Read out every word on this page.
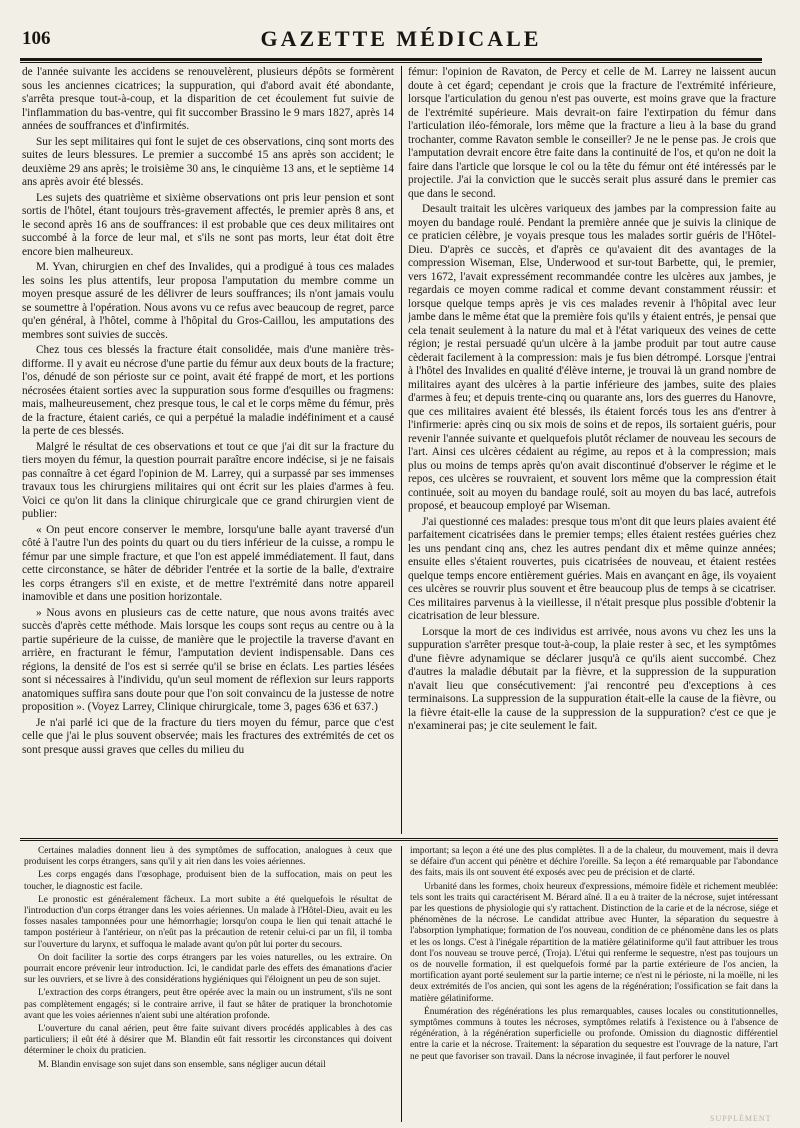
106	GAZETTE MÉDICALE

de l'année suivante les accidens se renouvelèrent, plusieurs dépôts se formèrent sous les anciennes cicatrices; la suppuration, qui d'abord avait été abondante, s'arrêta presque tout-à-coup, et la disparition de cet écoulement fut suivie de l'inflammation du bas-ventre, qui fit succomber Brassino le 9 mars 1827, après 14 années de souffrances et d'infirmités.

Sur les sept militaires qui font le sujet de ces observations, cinq sont morts des suites de leurs blessures. Le premier a succombé 15 ans après son accident; le deuxième 29 ans après; le troisième 30 ans, le cinquième 13 ans, et le septième 14 ans après avoir été blessés.

Les sujets des quatrième et sixième observations ont pris leur pension et sont sortis de l'hôtel, étant toujours très-gravement affectés, le premier après 8 ans, et le second après 16 ans de souffrances: il est probable que ces deux militaires ont succombé à la force de leur mal, et s'ils ne sont pas morts, leur état doit être encore bien malheureux.

M. Yvan, chirurgien en chef des Invalides, qui a prodigué à tous ces malades les soins les plus attentifs, leur proposa l'amputation du membre comme un moyen presque assuré de les délivrer de leurs souffrances; ils n'ont jamais voulu se soumettre à l'opération. Nous avons vu ce refus avec beaucoup de regret, parce qu'en général, à l'hôtel, comme à l'hôpital du Gros-Caillou, les amputations des membres sont suivies de succès.

Chez tous ces blessés la fracture était consolidée, mais d'une manière très-difforme. Il y avait eu nécrose d'une partie du fémur aux deux bouts de la fracture; l'os, dénudé de son périoste sur ce point, avait été frappé de mort, et les portions nécrosées étaient sorties avec la suppuration sous forme d'esquilles ou fragmens: mais, malheureusement, chez presque tous, le cal et le corps même du fémur, près de la fracture, étaient cariés, ce qui a perpétué la maladie indéfiniment et a causé la perte de ces blessés.

Malgré le résultat de ces observations et tout ce que j'ai dit sur la fracture du tiers moyen du fémur, la question pourrait paraître encore indécise, si je ne faisais pas connaître à cet égard l'opinion de M. Larrey, qui a surpassé par ses immenses travaux tous les chirurgiens militaires qui ont écrit sur les plaies d'armes à feu. Voici ce qu'on lit dans la clinique chirurgicale que ce grand chirurgien vient de publier:

« On peut encore conserver le membre, lorsqu'une balle ayant traversé d'un côté à l'autre l'un des points du quart ou du tiers inférieur de la cuisse, a rompu le fémur par une simple fracture, et que l'on est appelé immédiatement. Il faut, dans cette circonstance, se hâter de débrider l'entrée et la sortie de la balle, d'extraire les corps étrangers s'il en existe, et de mettre l'extrémité dans notre appareil inamovible et dans une position horizontale.

» Nous avons en plusieurs cas de cette nature, que nous avons traités avec succès d'après cette méthode. Mais lorsque les coups sont reçus au centre ou à la partie supérieure de la cuisse, de manière que le projectile la traverse d'avant en arrière, en fracturant le fémur, l'amputation devient indispensable. Dans ces régions, la densité de l'os est si serrée qu'il se brise en éclats. Les parties lésées sont si nécessaires à l'individu, qu'un seul moment de réflexion sur leurs rapports anatomiques suffira sans doute pour que l'on soit convaincu de la justesse de notre proposition ». (Voyez Larrey, Clinique chirurgicale, tome 3, pages 636 et 637.)

Je n'ai parlé ici que de la fracture du tiers moyen du fémur, parce que c'est celle que j'ai le plus souvent observée; mais les fractures des extrémités de cet os sont presque aussi graves que celles du milieu du

fémur: l'opinion de Ravaton, de Percy et celle de M. Larrey ne laissent aucun doute à cet égard; cependant je crois que la fracture de l'extrémité inférieure, lorsque l'articulation du genou n'est pas ouverte, est moins grave que la fracture de l'extrémité supérieure. Mais devrait-on faire l'extirpation du fémur dans l'articulation iléo-fémorale, lors même que la fracture a lieu à la base du grand trochanter, comme Ravaton semble le conseiller? Je ne le pense pas. Je crois que l'amputation devrait encore être faite dans la continuité de l'os, et qu'on ne doit la faire dans l'article que lorsque le col ou la tête du fémur ont été intéressés par le projectile. J'ai la conviction que le succès serait plus assuré dans le premier cas que dans le second.

Desault traitait les ulcères variqueux des jambes par la compression faite au moyen du bandage roulé. Pendant la première année que je suivis la clinique de ce praticien célèbre, je voyais presque tous les malades sortir guéris de l'Hôtel-Dieu. D'après ce succès, et d'après ce qu'avaient dit des avantages de la compression Wiseman, Else, Underwood et sur-tout Barbette, qui, le premier, vers 1672, l'avait expressément recommandée contre les ulcères aux jambes, je regardais ce moyen comme radical et comme devant constamment réussir: et lorsque quelque temps après je vis ces malades revenir à l'hôpital avec leur jambe dans le même état que la première fois qu'ils y étaient entrés, je pensai que cela tenait seulement à la nature du mal et à l'état variqueux des veines de cette région; je restai persuadé qu'un ulcère à la jambe produit par tout autre cause cèderait facilement à la compression: mais je fus bien détrompé. Lorsque j'entrai à l'hôtel des Invalides en qualité d'élève interne, je trouvai là un grand nombre de militaires ayant des ulcères à la partie inférieure des jambes, suite des plaies d'armes à feu; et depuis trente-cinq ou quarante ans, lors des guerres du Hanovre, que ces militaires avaient été blessés, ils étaient forcés tous les ans d'entrer à l'infirmerie: après cinq ou six mois de soins et de repos, ils sortaient guéris, pour revenir l'année suivante et quelquefois plutôt réclamer de nouveau les secours de l'art. Ainsi ces ulcères cédaient au régime, au repos et à la compression; mais plus ou moins de temps après qu'on avait discontinué d'observer le régime et le repos, ces ulcères se rouvraient, et souvent lors même que la compression était continuée, soit au moyen du bandage roulé, soit au moyen du bas lacé, autrefois proposé, et beaucoup employé par Wiseman.

J'ai questionné ces malades: presque tous m'ont dit que leurs plaies avaient été parfaitement cicatrisées dans le premier temps; elles étaient restées guéries chez les uns pendant cinq ans, chez les autres pendant dix et même quinze années; ensuite elles s'étaient rouvertes, puis cicatrisées de nouveau, et étaient restées quelque temps encore entièrement guéries. Mais en avançant en âge, ils voyaient ces ulcères se rouvrir plus souvent et être beaucoup plus de temps à se cicatriser. Ces militaires parvenus à la vieillesse, il n'était presque plus possible d'obtenir la cicatrisation de leur blessure.

Lorsque la mort de ces individus est arrivée, nous avons vu chez les uns la suppuration s'arrêter presque tout-à-coup, la plaie rester à sec, et les symptômes d'une fièvre adynamique se déclarer jusqu'à ce qu'ils aient succombé. Chez d'autres la maladie débutait par la fièvre, et la suppression de la suppuration n'avait lieu que consécutivement: j'ai rencontré peu d'exceptions à ces terminaisons. La suppression de la suppuration était-elle la cause de la fièvre, ou la fièvre était-elle la cause de la suppression de la suppuration? c'est ce que je n'examinerai pas; je cite seulement le fait.

Certaines maladies donnent lieu à des symptômes de suffocation, analogues à ceux que produisent les corps étrangers, sans qu'il y ait rien dans les voies aériennes.

Les corps engagés dans l'œsophage, produisent bien de la suffocation, mais on peut les toucher, le diagnostic est facile.

Le pronostic est généralement fâcheux. La mort subite a été quelquefois le résultat de l'introduction d'un corps étranger dans les voies aériennes. Un malade à l'Hôtel-Dieu, avait eu les fosses nasales tamponnées pour une hémorrhagie; lorsqu'on coupa le lien qui tenait attaché le tampon postérieur à l'antérieur, on n'eût pas la précaution de retenir celui-ci par un fil, il tomba sur l'ouverture du larynx, et suffoqua le malade avant qu'on pût lui porter du secours.

On doit faciliter la sortie des corps étrangers par les voies naturelles, ou les extraire. On pourrait encore prévenir leur introduction. Ici, le candidat parle des effets des émanations d'acier sur les ouvriers, et se livre à des considérations hygiéniques qui l'éloignent un peu de son sujet.

L'extraction des corps étrangers, peut être opérée avec la main ou un instrument, s'ils ne sont pas complètement engagés; si le contraire arrive, il faut se hâter de pratiquer la bronchotomie avant que les voies aériennes n'aient subi une altération profonde.

L'ouverture du canal aérien, peut être faite suivant divers procédés applicables à des cas particuliers; il eût été à désirer que M. Blandin eût fait ressortir les circonstances qui doivent déterminer le choix du praticien.

M. Blandin envisage son sujet dans son ensemble, sans négliger aucun détail

important; sa leçon a été une des plus complètes. Il a de la chaleur, du mouvement, mais il devra se défaire d'un accent qui pénètre et déchire l'oreille. Sa leçon a été remarquable par l'abondance des faits, mais ils ont souvent été exposés avec peu de précision et de clarté.

Urbanité dans les formes, choix heureux d'expressions, mémoire fidèle et richement meublée: tels sont les traits qui caractérisent M. Bérard aîné. Il a eu à traiter de la nécrose, sujet intéressant par les questions de physiologie qui s'y rattachent. Distinction de la carie et de la nécrose, siége et phénomènes de la nécrose. Le candidat attribue avec Hunter, la séparation du sequestre à l'absorption lymphatique; formation de l'os nouveau, condition de ce phénomène dans les os plats et les os longs. C'est à l'inégale répartition de la matière gélatiniforme qu'il faut attribuer les trous dont l'os nouveau se trouve percé, (Troja). L'étui qui renferme le sequestre, n'est pas toujours un os de nouvelle formation, il est quelquefois formé par la partie extérieure de l'os ancien, la mortification ayant porté seulement sur la partie interne; ce n'est ni le périoste, ni la moëlle, ni les deux extrémités de l'os ancien, qui sont les agens de la régénération; l'ossification se fait dans la matière gélatiniforme.

Énumération des régénérations les plus remarquables, causes locales ou constitutionnelles, symptômes communs à toutes les nécroses, symptômes relatifs à l'existence ou à l'absence de régénération, à la régénération superficielle ou profonde. Omission du diagnostic différentiel entre la carie et la nécrose. Traitement: la séparation du sequestre est l'ouvrage de la nature, l'art ne peut que favoriser son travail. Dans la nécrose invaginée, il faut perforer le nouvel

SUPPLÉMENT
